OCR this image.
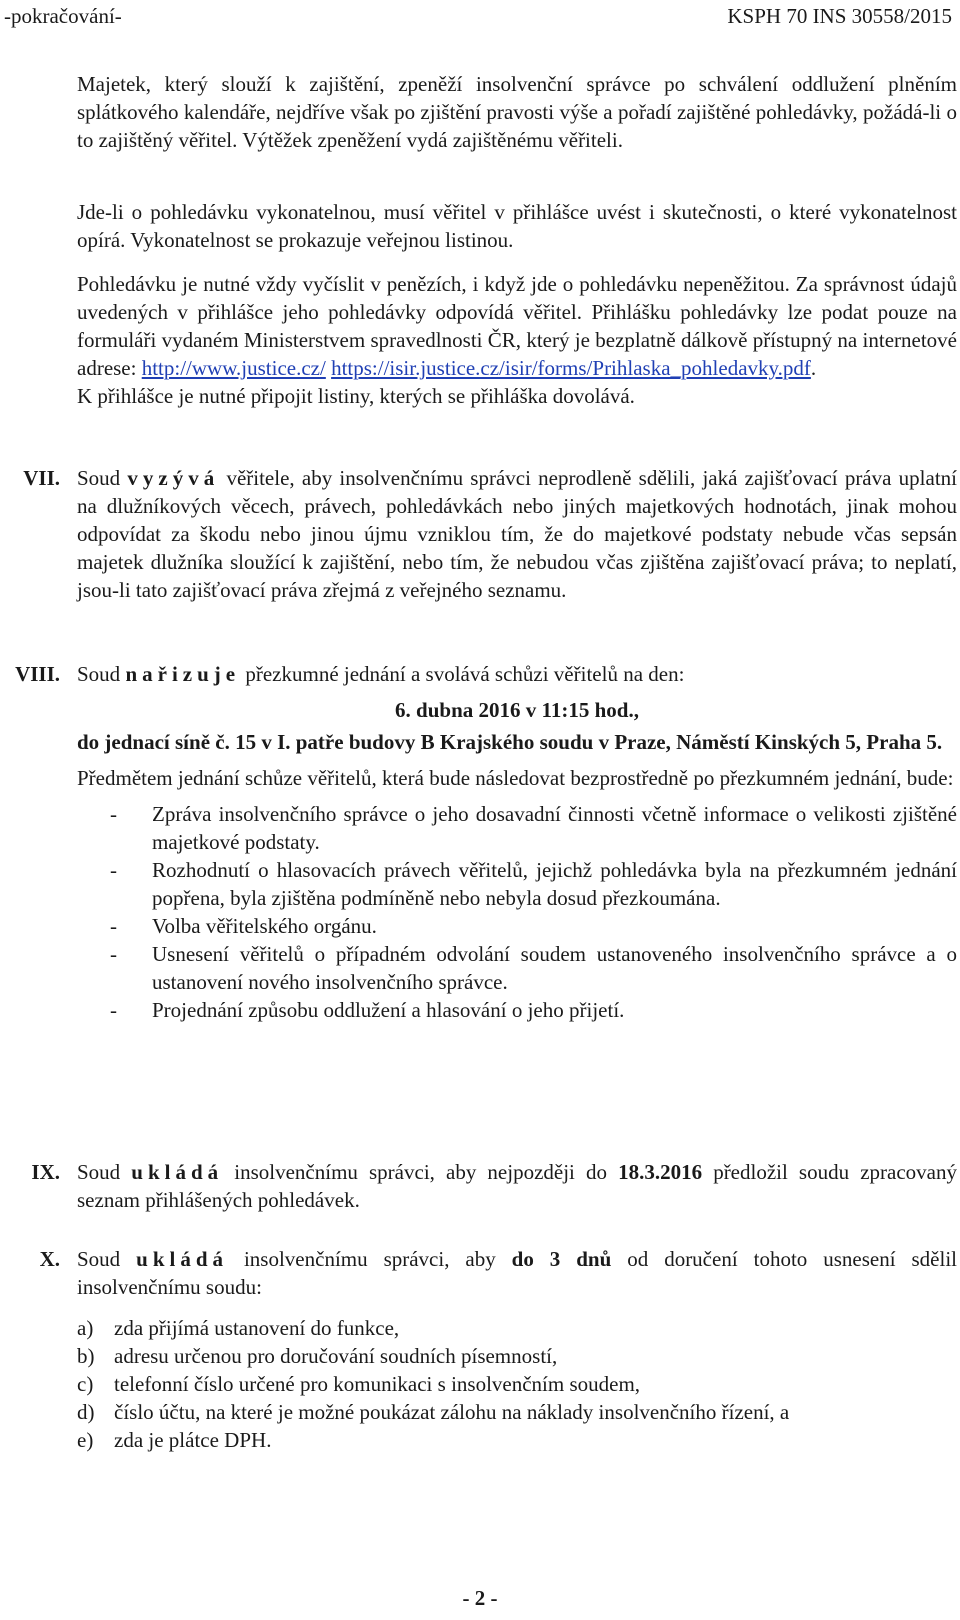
-pokračování-	KSPH 70 INS 30558/2015

Majetek, který slouží k zajištění, zpeněží insolvenční správce po schválení oddlužení plněním splátkového kalendáře, nejdříve však po zjištění pravosti výše a pořadí zajištěné pohledávky, požádá-li o to zajištěný věřitel. Výtěžek zpeněžení vydá zajištěnému věřiteli.

Jde-li o pohledávku vykonatelnou, musí věřitel v přihlášce uvést i skutečnosti, o které vykonatelnost opírá. Vykonatelnost se prokazuje veřejnou listinou.

Pohledávku je nutné vždy vyčíslit v penězích, i když jde o pohledávku nepeněžitou. Za správnost údajů uvedených v přihlášce jeho pohledávky odpovídá věřitel. Přihlášku pohledávky lze podat pouze na formuláři vydaném Ministerstvem spravedlnosti ČR, který je bezplatně dálkově přístupný na internetové adrese: http://www.justice.cz/ https://isir.justice.cz/isir/forms/Prihlaska_pohledavky.pdf.

K přihlášce je nutné připojit listiny, kterých se přihláška dovolává.

VII. Soud vyzývá věřitele, aby insolvenčnímu správci neprodleně sdělili, jaká zajišťovací práva uplatní na dlužníkových věcech, právech, pohledávkách nebo jiných majetkových hodnotách, jinak mohou odpovídat za škodu nebo jinou újmu vzniklou tím, že do majetkové podstaty nebude včas sepsán majetek dlužníka sloužící k zajištění, nebo tím, že nebudou včas zjištěna zajišťovací práva; to neplatí, jsou-li tato zajišťovací práva zřejmá z veřejného seznamu.

VIII. Soud nařizuje přezkumné jednání a svolává schůzi věřitelů na den:

6. dubna 2016 v 11:15 hod.,

do jednací síně č. 15 v I. patře budovy B Krajského soudu v Praze, Náměstí Kinských 5, Praha 5.

Předmětem jednání schůze věřitelů, která bude následovat bezprostředně po přezkumném jednání, bude:

- Zpráva insolvenčního správce o jeho dosavadní činnosti včetně informace o velikosti zjištěné majetkové podstaty.
- Rozhodnutí o hlasovacích právech věřitelů, jejichž pohledávka byla na přezkumném jednání popřena, byla zjištěna podmíněně nebo nebyla dosud přezkoumána.
- Volba věřitelského orgánu.
- Usnesení věřitelů o případném odvolání soudem ustanoveného insolvenčního správce a o ustanovení nového insolvenčního správce.
- Projednání způsobu oddlužení a hlasování o jeho přijetí.
IX. Soud ukládá insolvenčnímu správci, aby nejpozději do 18.3.2016 předložil soudu zpracovaný seznam přihlášených pohledávek.

X. Soud ukládá insolvenčnímu správci, aby do 3 dnů od doručení tohoto usnesení sdělil insolvenčnímu soudu:

a) zda přijímá ustanovení do funkce,
b) adresu určenou pro doručování soudních písemností,
c) telefonní číslo určené pro komunikaci s insolvenčním soudem,
d) číslo účtu, na které je možné poukázat zálohu na náklady insolvenčního řízení, a
e) zda je plátce DPH.
- 2 -
